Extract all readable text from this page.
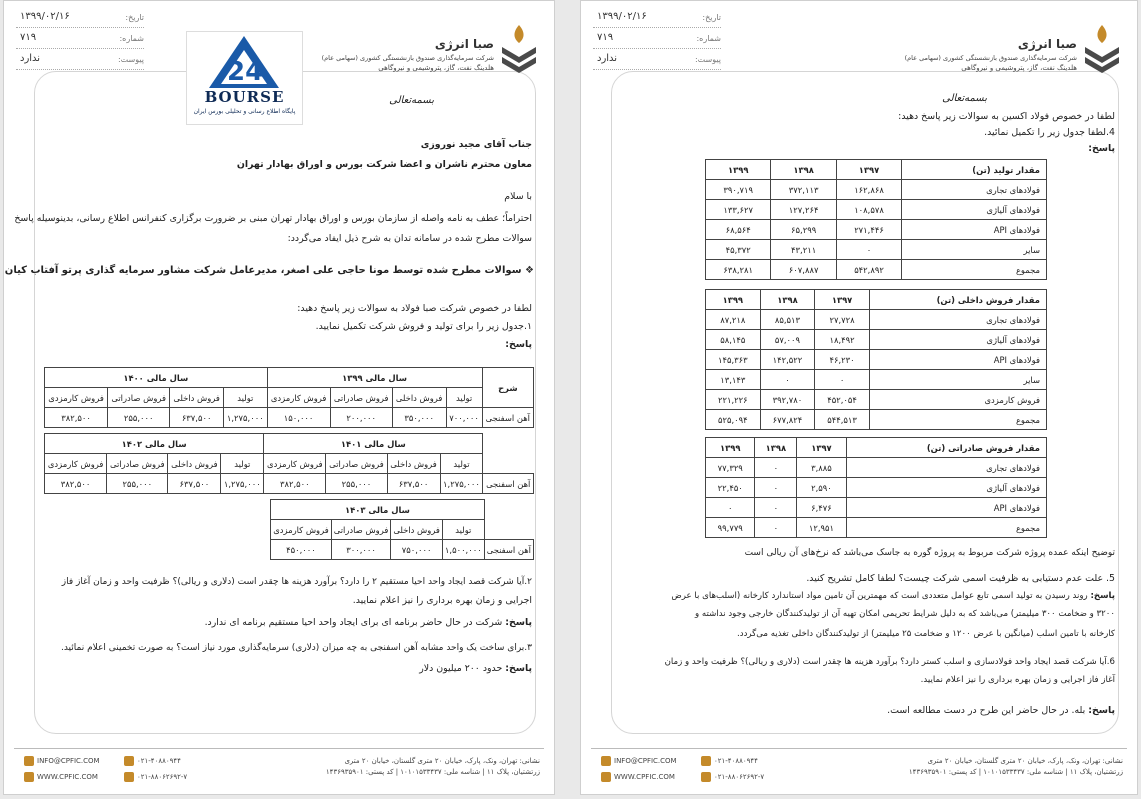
تاریخ:
۱۳۹۹/۰۲/۱۶
شماره:
۷۱۹
پیوست:
ندارد
صبا انرژی
شرکت سرمایه‌گذاری صندوق بازنشستگی کشوری (سهامی عام)
هلدینگ نفت، گاز، پتروشیمی و نیروگاهی
24
BOURSE
پایگاه اطلاع رسانی و تحلیلی بورس ایران
بسمه‌تعالی
جناب آقای مجید نوروزی
معاون محترم ناشران و اعضا شرکت بورس و اوراق بهادار تهران
با سلام
احتراماً؛ عطف به نامه واصله از سازمان بورس و اوراق بهادار تهران مبنی بر ضرورت برگزاری کنفرانس اطلاع رسانی، بدینوسیله پاسخ
سوالات مطرح شده در سامانه تدان به شرح ذیل ایفاد می‌گردد:
❖ سوالات مطرح شده توسط مونا حاجی علی اصغر، مدیرعامل شرکت مشاور سرمایه گذاری پرتو آفتاب کیان
لطفا در خصوص شرکت صبا فولاد به سوالات زیر پاسخ دهید:
۱.جدول زیر را برای تولید و فروش شرکت تکمیل نمایید.
پاسخ:
شرح	سال مالی ۱۳۹۹				سال مالی ۱۴۰۰			
	تولید	فروش داخلی	فروش صادراتی	فروش کارمزدی	تولید	فروش داخلی	فروش صادراتی	فروش کارمزدی
آهن اسفنجی	۷۰۰,۰۰۰	۳۵۰,۰۰۰	۲۰۰,۰۰۰	۱۵۰,۰۰۰	۱,۲۷۵,۰۰۰	۶۳۷,۵۰۰	۲۵۵,۰۰۰	۳۸۲,۵۰۰
	سال مالی ۱۴۰۱				سال مالی ۱۴۰۲			
	تولید	فروش داخلی	فروش صادراتی	فروش کارمزدی	تولید	فروش داخلی	فروش صادراتی	فروش کارمزدی
آهن اسفنجی	۱,۲۷۵,۰۰۰	۶۳۷,۵۰۰	۲۵۵,۰۰۰	۳۸۲,۵۰۰	۱,۲۷۵,۰۰۰	۶۳۷,۵۰۰	۲۵۵,۰۰۰	۳۸۲,۵۰۰
	سال مالی ۱۴۰۳			
	تولید	فروش داخلی	فروش صادراتی	فروش کارمزدی
آهن اسفنجی	۱,۵۰۰,۰۰۰	۷۵۰,۰۰۰	۳۰۰,۰۰۰	۴۵۰,۰۰۰
۲.آیا شرکت قصد ایجاد واحد احیا مستقیم ۲ را دارد؟ برآورد هزینه ها چقدر است (دلاری و ریالی)؟ ظرفیت واحد و زمان آغاز فاز
اجرایی و زمان بهره برداری را نیز اعلام نمایید.
پاسخ: شرکت در حال حاضر برنامه ای برای ایجاد واحد احیا مستقیم برنامه ای ندارد.
۳.برای ساخت یک واحد مشابه آهن اسفنجی به چه میزان (دلاری) سرمایه‌گذاری مورد نیاز است؟ به صورت تخمینی اعلام نمائید.
پاسخ: حدود ۲۰۰ میلیون دلار
INFO@CPFIC.COM
WWW.CPFIC.COM
۰۲۱-۴۰۸۸۰۹۴۴
۰۲۱-۸۸۰۶۲۶۹۲-۷
نشانی: تهران، ونک، پارک، خیابان ۲۰ متری گلستان، خیابان ۲۰ متری
زرتشتیان، پلاک ۱۱ | شناسه ملی: ۱۰۱۰۱۵۳۳۴۳۷ | کد پستی: ۱۴۳۶۹۳۵۹۰۱
تاریخ:
۱۳۹۹/۰۲/۱۶
شماره:
۷۱۹
پیوست:
ندارد
صبا انرژی
شرکت سرمایه‌گذاری صندوق بازنشستگی کشوری (سهامی عام)
هلدینگ نفت، گاز، پتروشیمی و نیروگاهی
بسمه‌تعالی
لطفا در خصوص فولاد اکسین به سوالات زیر پاسخ دهید:
4.لطفا جدول زیر را تکمیل نمائید.
پاسخ:
مقدار تولید (تن)	۱۳۹۷	۱۳۹۸	۱۳۹۹
فولادهای تجاری	۱۶۲,۸۶۸	۳۷۲,۱۱۳	۳۹۰,۷۱۹
فولادهای آلیاژی	۱۰۸,۵۷۸	۱۲۷,۲۶۴	۱۳۳,۶۲۷
فولادهای API	۲۷۱,۴۴۶	۶۵,۲۹۹	۶۸,۵۶۴
سایر	۰	۴۳,۲۱۱	۴۵,۳۷۲
مجموع	۵۴۲,۸۹۲	۶۰۷,۸۸۷	۶۳۸,۲۸۱
مقدار فروش داخلی (تن)	۱۳۹۷	۱۳۹۸	۱۳۹۹
فولادهای تجاری	۲۷,۷۲۸	۸۵,۵۱۳	۸۷,۲۱۸
فولادهای آلیاژی	۱۸,۴۹۲	۵۷,۰۰۹	۵۸,۱۴۵
فولادهای API	۴۶,۲۳۰	۱۴۲,۵۲۲	۱۴۵,۳۶۳
سایر	۰	۰	۱۳,۱۴۳
فروش کارمزدی	۴۵۲,۰۵۴	۳۹۲,۷۸۰	۲۲۱,۲۲۶
مجموع	۵۴۴,۵۱۳	۶۷۷,۸۲۴	۵۲۵,۰۹۴
مقدار فروش صادراتی (تن)	۱۳۹۷	۱۳۹۸	۱۳۹۹
فولادهای تجاری	۳,۸۸۵	۰	۷۷,۳۲۹
فولادهای آلیاژی	۲,۵۹۰	۰	۲۲,۴۵۰
فولادهای API	۶,۴۷۶	۰	۰
مجموع	۱۲,۹۵۱	۰	۹۹,۷۷۹
توضیح اینکه عمده پروژه شرکت مربوط به پروژه گوره به جاسک می‌باشد که نرخ‌های آن ریالی است
5. علت عدم دستیابی به ظرفیت اسمی شرکت چیست؟ لطفا کامل تشریح کنید.
پاسخ: روند رسیدن به تولید اسمی تابع عوامل متعددی است که مهمترین آن تامین مواد استاندارد کارخانه (اسلب‌های با عرض
۳۲۰۰ و ضخامت ۳۰۰ میلیمتر) می‌باشد که به دلیل شرایط تحریمی امکان تهیه آن از تولیدکنندگان خارجی وجود نداشته و
کارخانه با تامین اسلب (میانگین با عرض ۱۲۰۰ و ضخامت ۲۵ میلیمتر) از تولیدکنندگان داخلی تغذیه می‌گردد.
6.آیا شرکت قصد ایجاد واحد فولادسازی و اسلب کستر دارد؟ برآورد هزینه ها چقدر است (دلاری و ریالی)؟ ظرفیت واحد و زمان
آغاز فاز اجرایی و زمان بهره برداری را نیز اعلام نمایید.
پاسخ: بله. در حال حاضر این طرح در دست مطالعه است.
INFO@CPFIC.COM
WWW.CPFIC.COM
۰۲۱-۴۰۸۸۰۹۴۴
۰۲۱-۸۸۰۶۲۶۹۲-۷
نشانی: تهران، ونک، پارک، خیابان ۲۰ متری گلستان، خیابان ۲۰ متری
زرتشتیان، پلاک ۱۱ | شناسه ملی: ۱۰۱۰۱۵۳۳۴۳۷ | کد پستی: ۱۴۳۶۹۳۵۹۰۱
